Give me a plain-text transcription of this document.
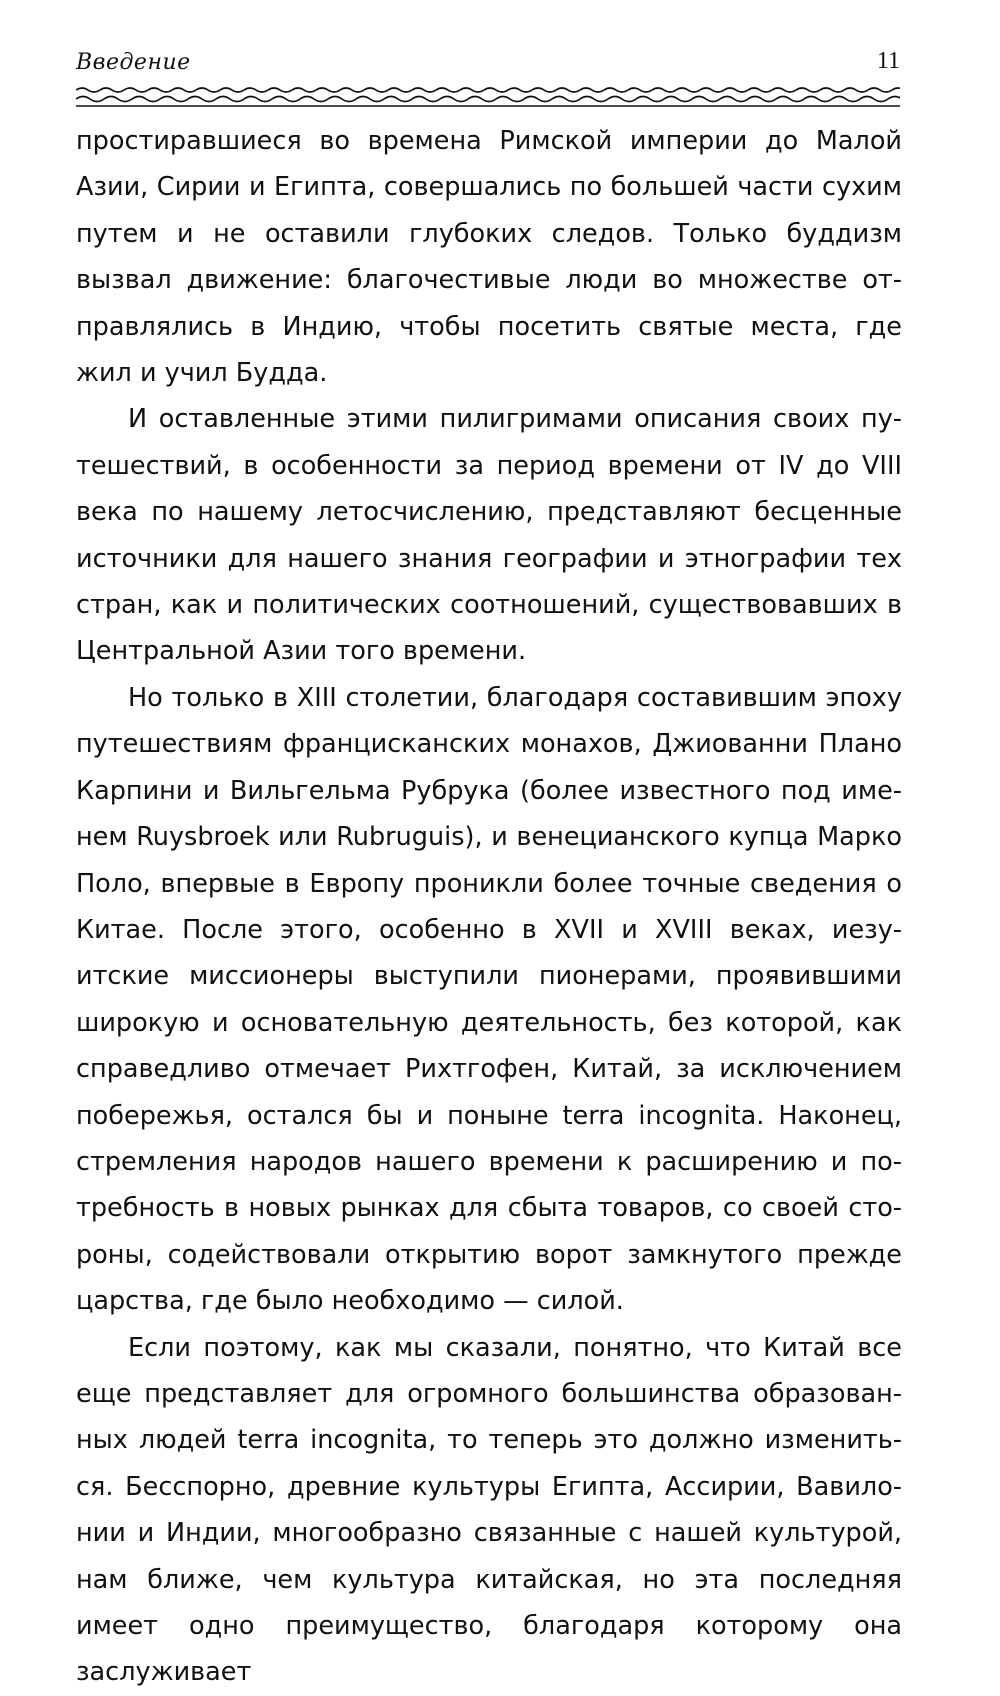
Введение	11

простиравшиеся во времена Римской империи до Малой Азии, Сирии и Египта, совершались по большей части сухим путем и не оставили глубоких следов. Только буддизм вызвал движение: благочестивые люди во множестве отправлялись в Индию, чтобы посетить святые места, где жил и учил Будда.

И оставленные этими пилигримами описания своих путешествий, в особенности за период времени от IV до VIII века по нашему летосчислению, представляют бесценные источники для нашего знания географии и этнографии тех стран, как и политических соотношений, существовавших в Центральной Азии того времени.

Но только в XIII столетии, благодаря составившим эпоху путешествиям францисканских монахов, Джиованни Плано Карпини и Вильгельма Рубрука (более известного под именем Ruysbroek или Rubruguis), и венецианского купца Марко Поло, впервые в Европу проникли более точные сведения о Китае. После этого, особенно в XVII и XVIII веках, иезуитские миссионеры выступили пионерами, проявившими широкую и основательную деятельность, без которой, как справедливо отмечает Рихтгофен, Китай, за исключением побережья, остался бы и поныне terra incognita. Наконец, стремления народов нашего времени к расширению и потребность в новых рынках для сбыта товаров, со своей стороны, содействовали открытию ворот замкнутого прежде царства, где было необходимо — силой.

Если поэтому, как мы сказали, понятно, что Китай все еще представляет для огромного большинства образованных людей terra incognita, то теперь это должно измениться. Бесспорно, древние культуры Египта, Ассирии, Вавилонии и Индии, многообразно связанные с нашей культурой, нам ближе, чем культура китайская, но эта последняя имеет одно преимущество, благодаря которому она заслуживает
